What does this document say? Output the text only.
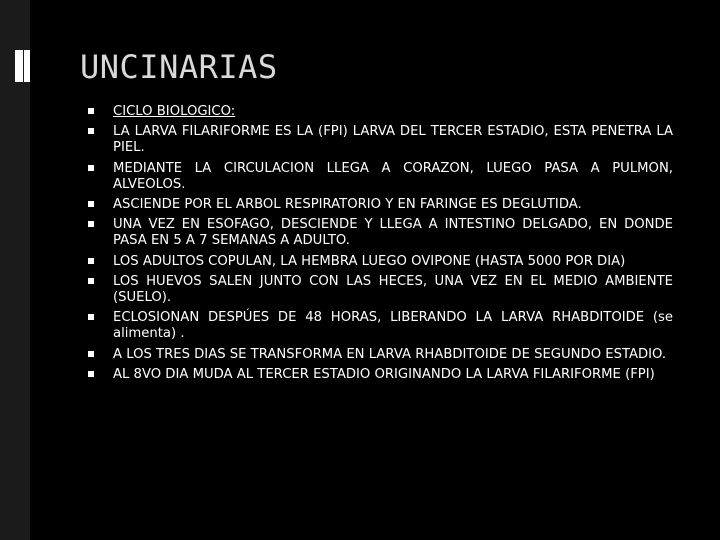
UNCINARIAS
CICLO BIOLOGICO:
LA LARVA FILARIFORME ES LA (FPI) LARVA DEL TERCER ESTADIO, ESTA PENETRA LA PIEL.
MEDIANTE LA CIRCULACION LLEGA A CORAZON, LUEGO PASA A PULMON, ALVEOLOS.
ASCIENDE POR EL ARBOL RESPIRATORIO Y EN FARINGE ES DEGLUTIDA.
UNA VEZ EN ESOFAGO, DESCIENDE Y LLEGA A INTESTINO DELGADO, EN DONDE PASA EN 5 A 7 SEMANAS A ADULTO.
LOS ADULTOS COPULAN, LA HEMBRA LUEGO OVIPONE (HASTA 5000 POR DIA)
LOS HUEVOS SALEN JUNTO CON LAS HECES, UNA VEZ EN EL MEDIO AMBIENTE (SUELO).
ECLOSIONAN DESPÚES DE 48 HORAS, LIBERANDO LA LARVA RHABDITOIDE (se alimenta) .
A LOS TRES DIAS SE TRANSFORMA EN LARVA RHABDITOIDE DE SEGUNDO ESTADIO.
AL 8VO DIA MUDA AL TERCER ESTADIO ORIGINANDO LA LARVA FILARIFORME (FPI)
